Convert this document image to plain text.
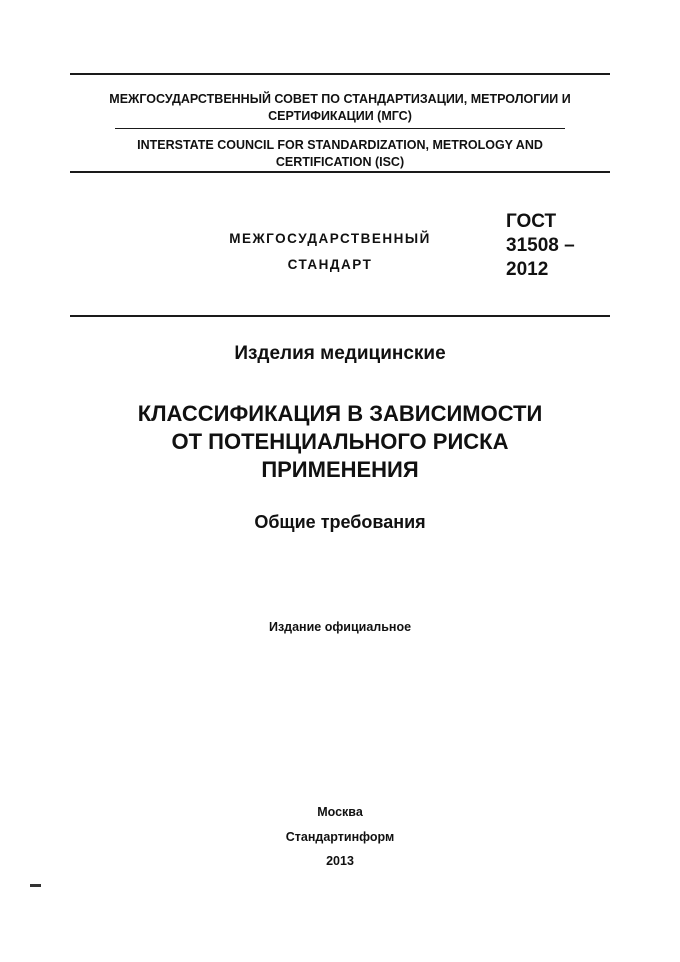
МЕЖГОСУДАРСТВЕННЫЙ СОВЕТ ПО СТАНДАРТИЗАЦИИ, МЕТРОЛОГИИ И
СЕРТИФИКАЦИИ (МГС)
INTERSTATE COUNCIL FOR STANDARDIZATION, METROLOGY AND
CERTIFICATION (ISC)
МЕЖГОСУДАРСТВЕННЫЙ
СТАНДАРТ
ГОСТ
31508 –
2012
Изделия медицинские
КЛАССИФИКАЦИЯ В ЗАВИСИМОСТИ
ОТ ПОТЕНЦИАЛЬНОГО РИСКА
ПРИМЕНЕНИЯ
Общие требования
Издание официальное
Москва
Стандартинформ
2013
